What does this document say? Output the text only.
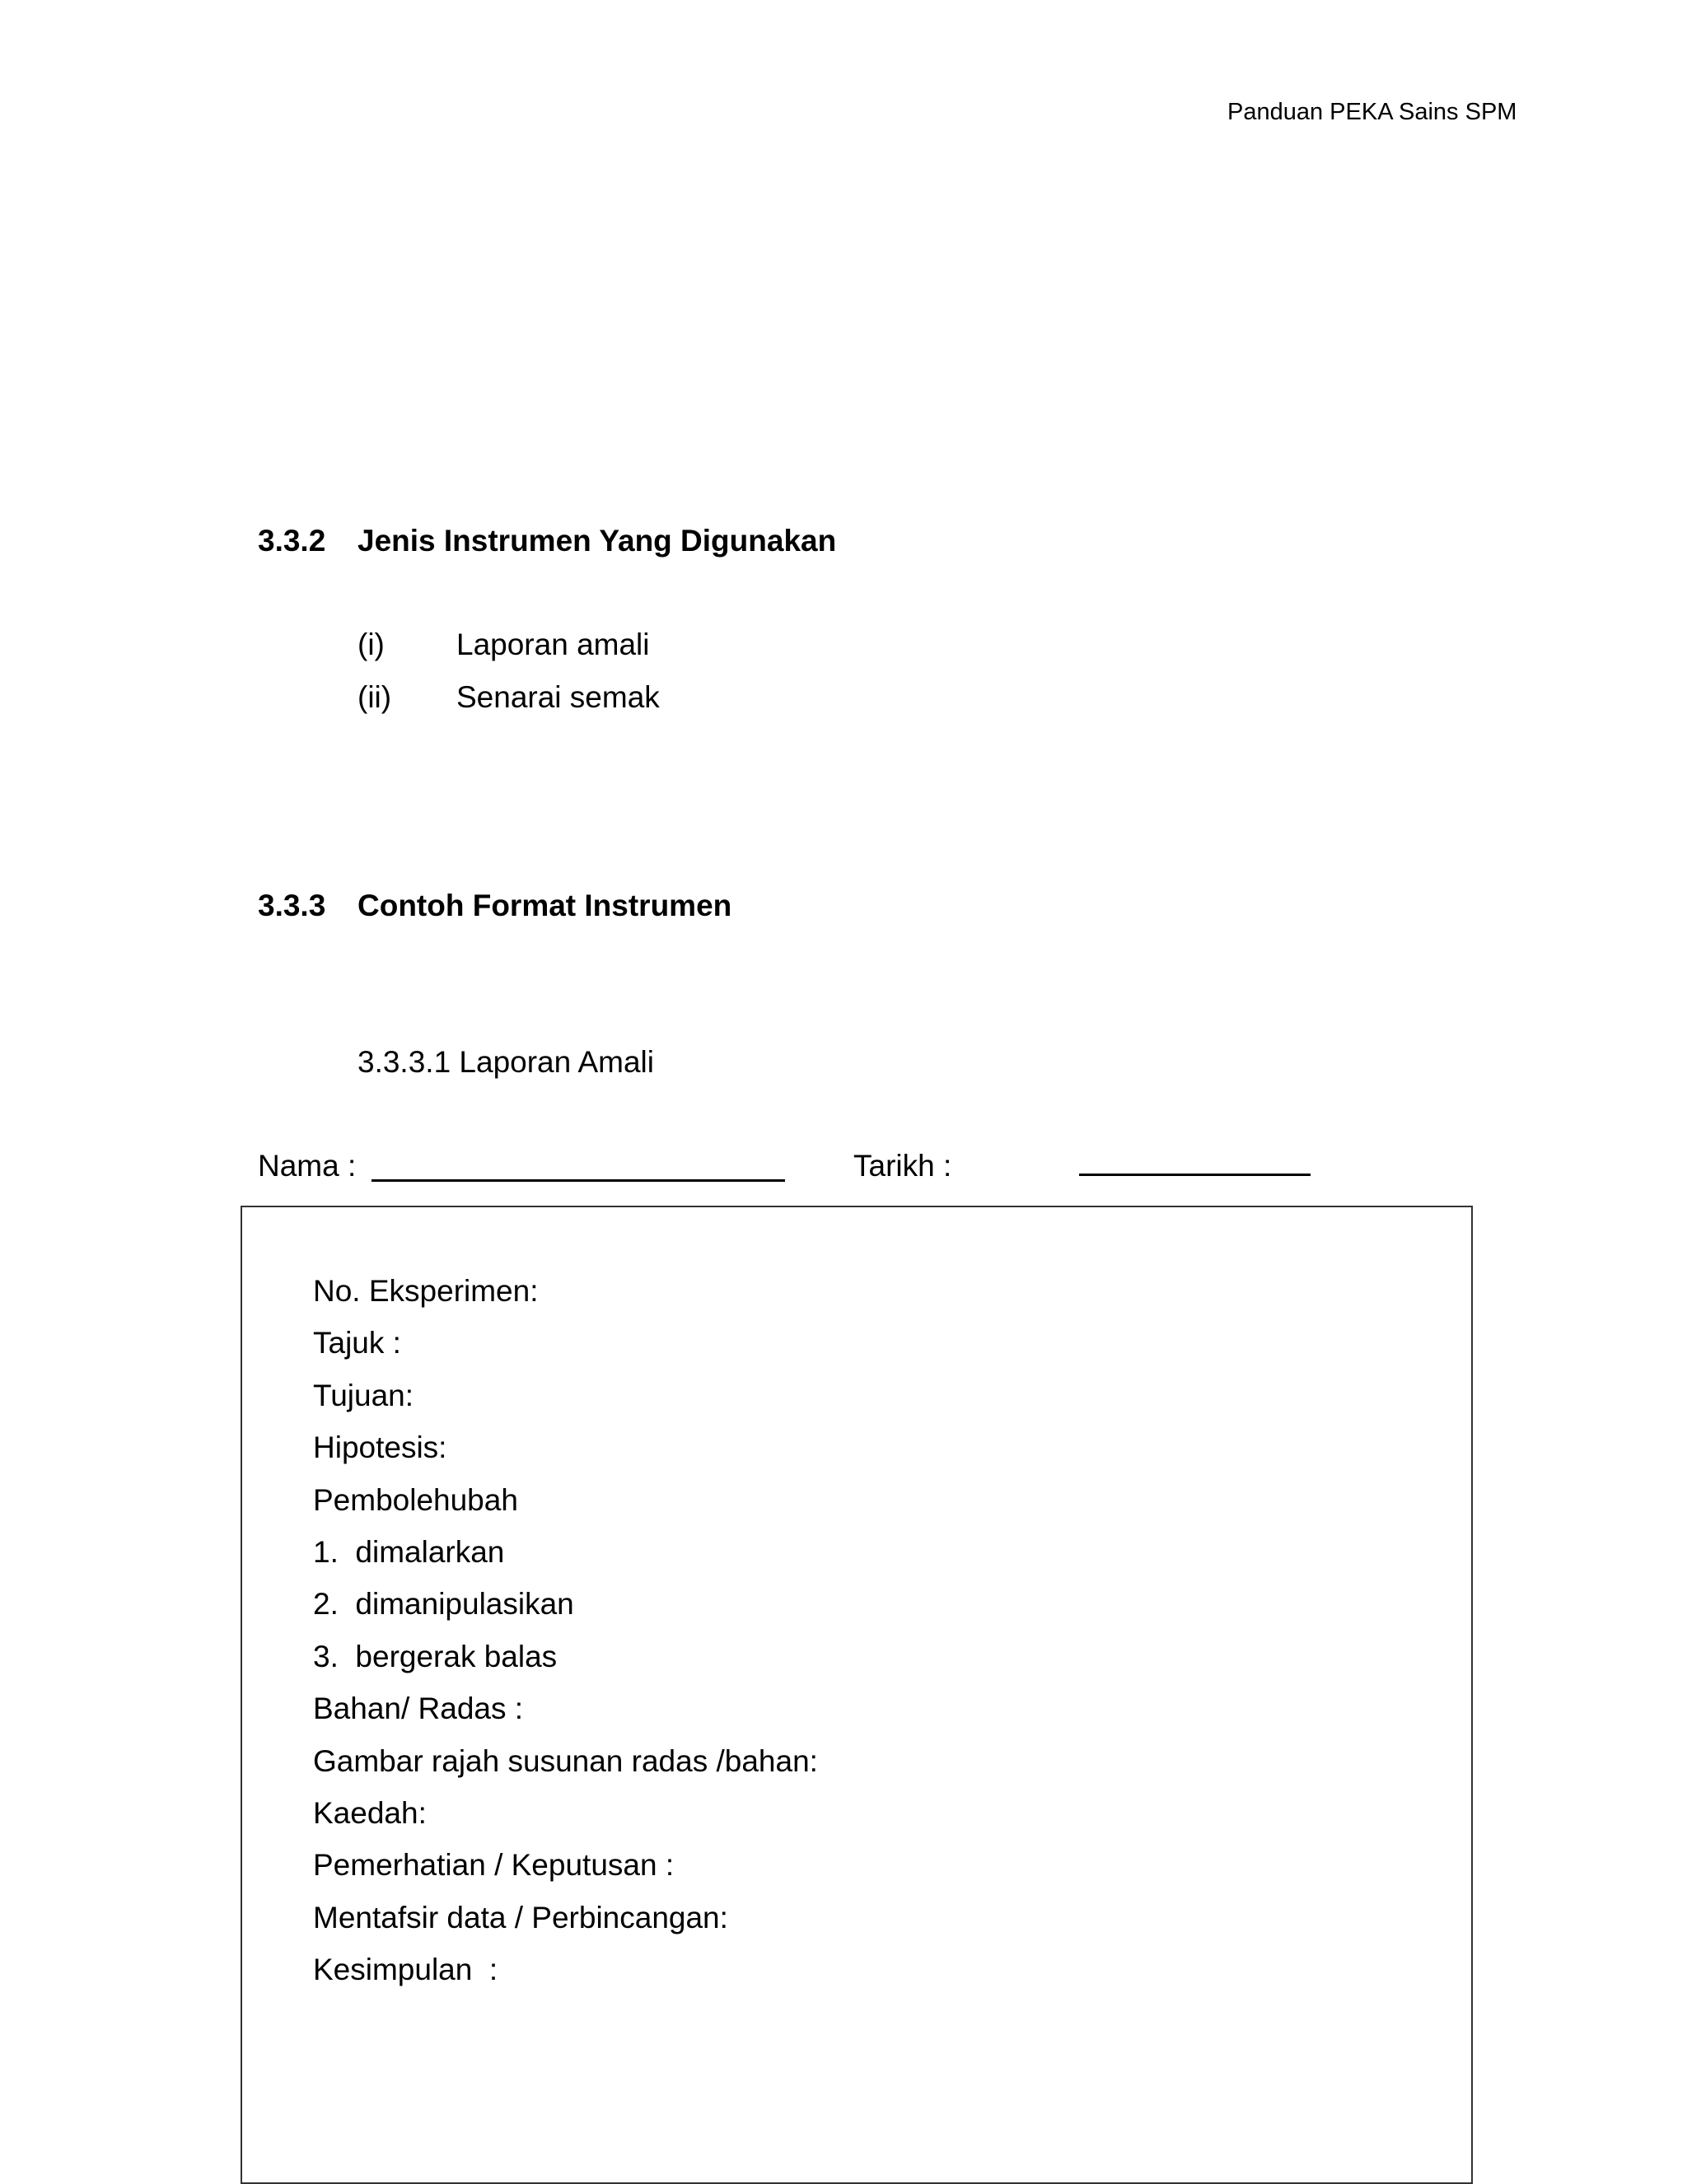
Panduan PEKA Sains SPM
3.3.2 Jenis Instrumen Yang Digunakan
(i) Laporan amali
(ii) Senarai semak
3.3.3 Contoh Format Instrumen
3.3.3.1 Laporan Amali
Nama :	Tarikh :
No. Eksperimen:
Tajuk :
Tujuan:
Hipotesis:
Pembolehubah
1.  dimalarkan
2.  dimanipulasikan
3.  bergerak balas
Bahan/ Radas :
Gambar rajah susunan radas /bahan:
Kaedah:
Pemerhatian / Keputusan :
Mentafsir data / Perbincangan:
Kesimpulan  :
